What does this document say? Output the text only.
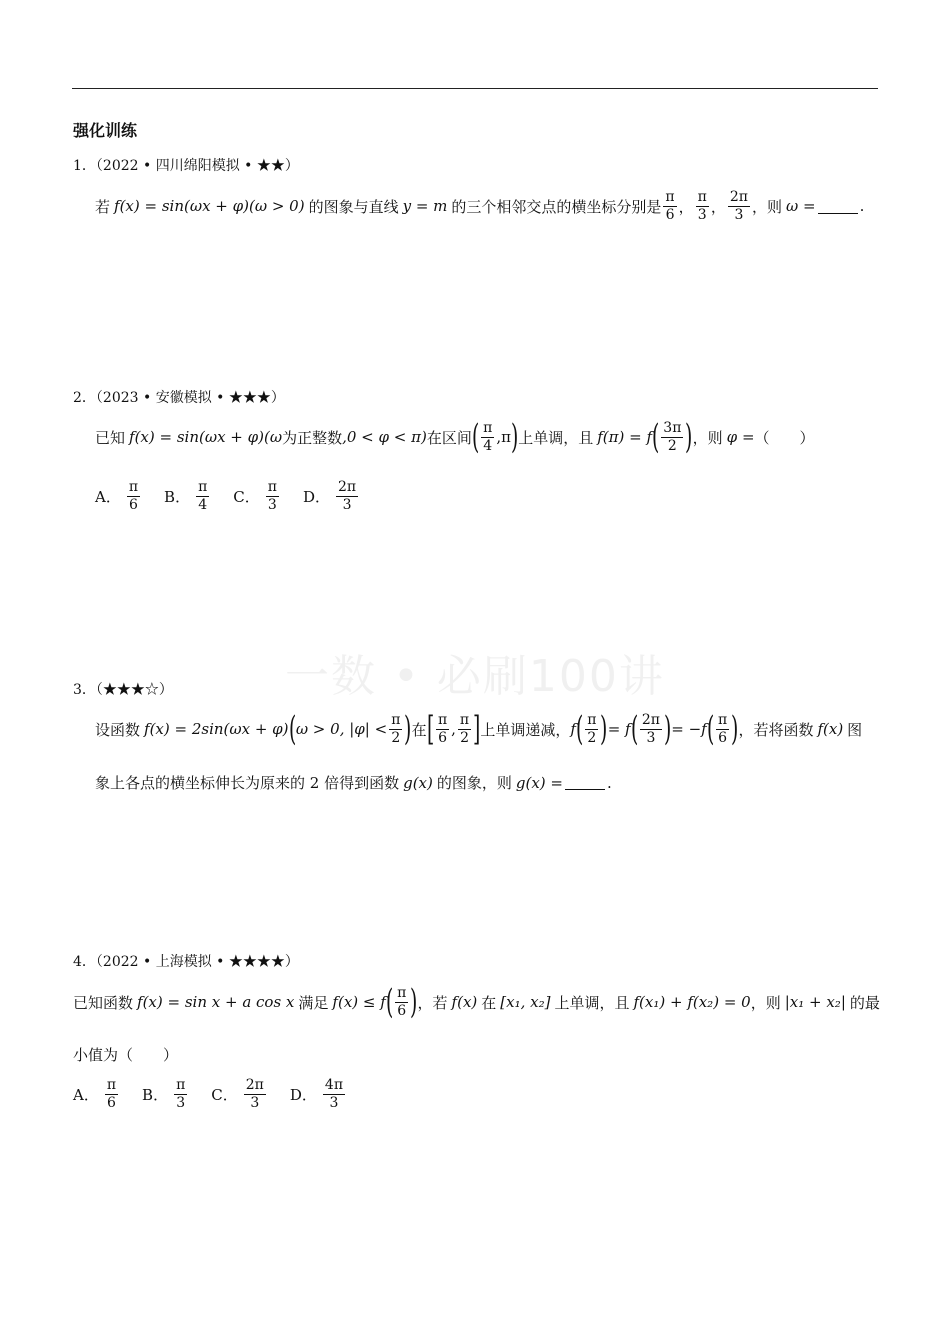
一数 • 必刷100讲
强化训练
1．（2022 • 四川绵阳模拟 • ★★）
若 f(x) = sin(ωx + φ)(ω > 0) 的图象与直线 y = m 的三个相邻交点的横坐标分别是 $\frac{\pi}{6}$ ， $\frac{\pi}{3}$ ， $\frac{2\pi}{3}$ ，则 ω =	.
2．（2023 • 安徽模拟 • ★★★）
已知 f(x) = sin(ωx + φ)(ω 为正整数 ,0 < φ < π) 在区间 ( $\frac{\pi}{4} ,\pi$ ) 上单调，且 f(π) = f ( $\frac{3\pi}{2}$ ) ，则 φ = （　　）
A． $\frac{\pi}{6}$ B． $\frac{\pi}{4}$ C． $\frac{\pi}{3}$ D． $\frac{2\pi}{3}$
3．（★★★☆）
设函数 f(x) = 2sin(ωx + φ) ( ω > 0, $|\varphi| < \frac{\pi}{2}$ ) 在 [ $\frac{\pi}{6}$ , $\frac{\pi}{2}$ ] 上单调递减， f ( $\frac{\pi}{2}$ ) = f ( $\frac{2\pi}{3}$ ) = −f ( $\frac{\pi}{6}$ ) ，若将函数 f(x) 图
象上各点的横坐标伸长为原来的 2 倍得到函数 g(x) 的图象，则 g(x) =	.
4．（2022 • 上海模拟 • ★★★★）
已知函数 f(x) = sin x + a cos x 满足 f(x) ≤ f ( $\frac{\pi}{6}$ ) ，若 f(x) 在 [x₁, x₂] 上单调，且 f(x₁) + f(x₂) = 0 ，则 |x₁ + x₂| 的最
小值为（　　）
A． $\frac{\pi}{6}$ B． $\frac{\pi}{3}$ C． $\frac{2\pi}{3}$ D． $\frac{4\pi}{3}$
